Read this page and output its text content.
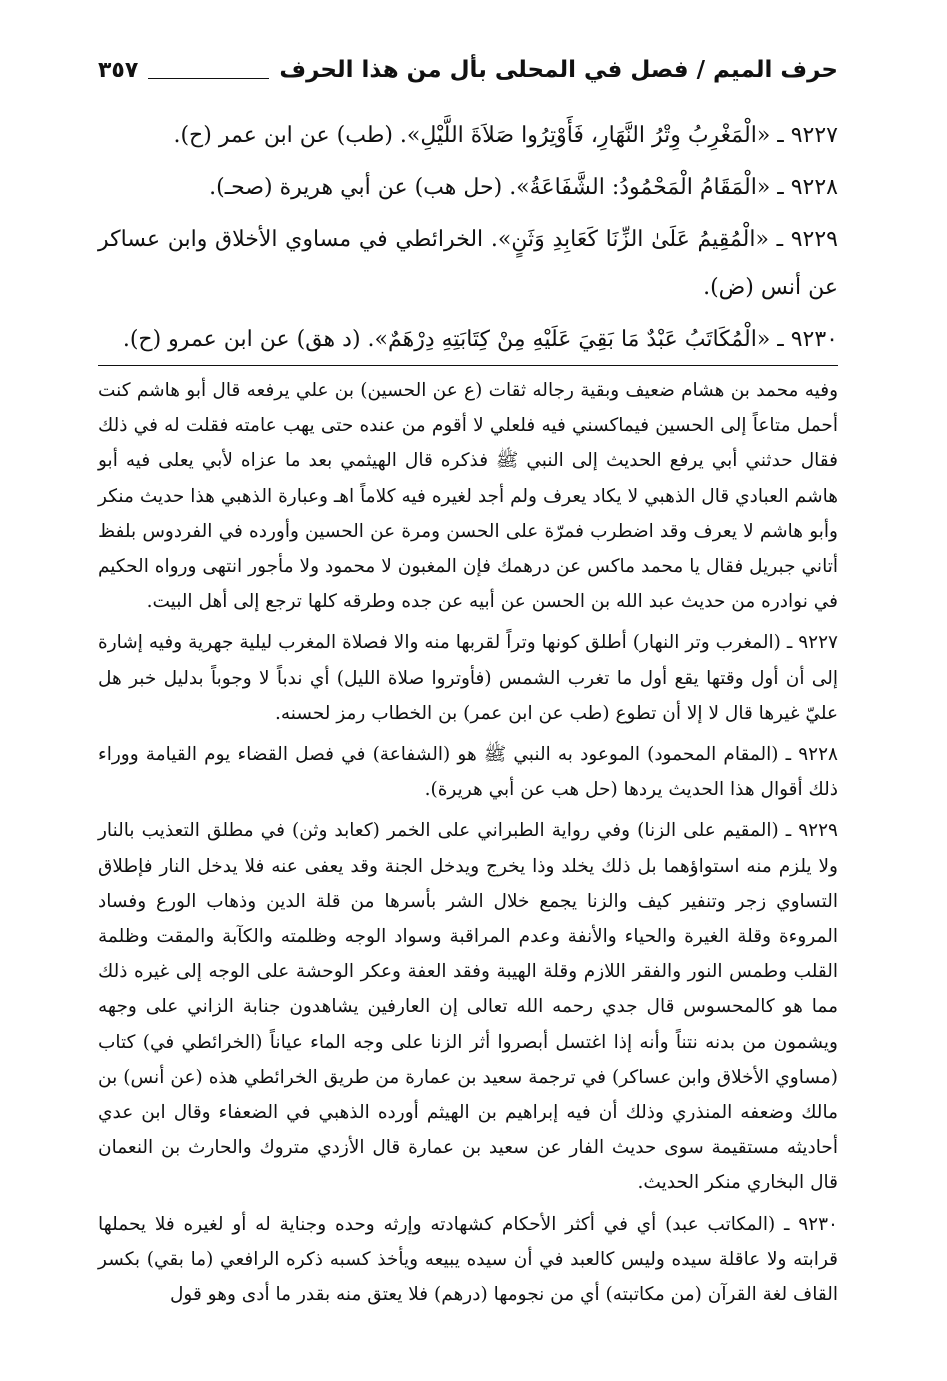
حرف الميم / فصل في المحلى بأل من هذا الحرف
٣٥٧

٩٢٢٧ ـ «الْمَغْرِبُ وِتْرُ النَّهَارِ، فَأَوْتِرُوا صَلاَةَ اللَّيْلِ». (طب) عن ابن عمر (ح).

٩٢٢٨ ـ «الْمَقَامُ الْمَحْمُودُ: الشَّفَاعَةُ». (حل هب) عن أبي هريرة (صحـ).

٩٢٢٩ ـ «الْمُقِيمُ عَلَىٰ الزِّنَا كَعَابِدِ وَثَنٍ». الخرائطي في مساوي الأخلاق وابن عساكر عن أنس (ض).

٩٢٣٠ ـ «الْمُكَاتَبُ عَبْدٌ مَا بَقِيَ عَلَيْهِ مِنْ كِتَابَتِهِ دِرْهَمٌ». (د هق) عن ابن عمرو (ح).

وفيه محمد بن هشام ضعيف وبقية رجاله ثقات (ع عن الحسين) بن علي يرفعه قال أبو هاشم كنت أحمل متاعاً إلى الحسين فيماكسني فيه فلعلي لا أقوم من عنده حتى يهب عامته فقلت له في ذلك فقال حدثني أبي يرفع الحديث إلى النبي ﷺ فذكره قال الهيثمي بعد ما عزاه لأبي يعلى فيه أبو هاشم العبادي قال الذهبي لا يكاد يعرف ولم أجد لغيره فيه كلاماً اهـ وعبارة الذهبي هذا حديث منكر وأبو هاشم لا يعرف وقد اضطرب فمرّة على الحسن ومرة عن الحسين وأورده في الفردوس بلفظ أتاني جبريل فقال يا محمد ماكس عن درهمك فإن المغبون لا محمود ولا مأجور انتهى ورواه الحكيم في نوادره من حديث عبد الله بن الحسن عن أبيه عن جده وطرقه كلها ترجع إلى أهل البيت.

٩٢٢٧ ـ (المغرب وتر النهار) أطلق كونها وتراً لقربها منه والا فصلاة المغرب ليلية جهرية وفيه إشارة إلى أن أول وقتها يقع أول ما تغرب الشمس (فأوتروا صلاة الليل) أي ندباً لا وجوباً بدليل خبر هل عليّ غيرها قال لا إلا أن تطوع (طب عن ابن عمر) بن الخطاب رمز لحسنه.

٩٢٢٨ ـ (المقام المحمود) الموعود به النبي ﷺ هو (الشفاعة) في فصل القضاء يوم القيامة ووراء ذلك أقوال هذا الحديث يردها (حل هب عن أبي هريرة).

٩٢٢٩ ـ (المقيم على الزنا) وفي رواية الطبراني على الخمر (كعابد وثن) في مطلق التعذيب بالنار ولا يلزم منه استواؤهما بل ذلك يخلد وذا يخرج ويدخل الجنة وقد يعفى عنه فلا يدخل النار فإطلاق التساوي زجر وتنفير كيف والزنا يجمع خلال الشر بأسرها من قلة الدين وذهاب الورع وفساد المروءة وقلة الغيرة والحياء والأنفة وعدم المراقبة وسواد الوجه وظلمته والكآبة والمقت وظلمة القلب وطمس النور والفقر اللازم وقلة الهيبة وفقد العفة وعكر الوحشة على الوجه إلى غيره ذلك مما هو كالمحسوس قال جدي رحمه الله تعالى إن العارفين يشاهدون جنابة الزاني على وجهه ويشمون من بدنه نتناً وأنه إذا اغتسل أبصروا أثر الزنا على وجه الماء عياناً (الخرائطي في) كتاب (مساوي الأخلاق وابن عساكر) في ترجمة سعيد بن عمارة من طريق الخرائطي هذه (عن أنس) بن مالك وضعفه المنذري وذلك أن فيه إبراهيم بن الهيثم أورده الذهبي في الضعفاء وقال ابن عدي أحاديثه مستقيمة سوى حديث الفار عن سعيد بن عمارة قال الأزدي متروك والحارث بن النعمان قال البخاري منكر الحديث.

٩٢٣٠ ـ (المكاتب عبد) أي في أكثر الأحكام كشهادته وإرثه وحده وجناية له أو لغيره فلا يحملها قرابته ولا عاقلة سيده وليس كالعبد في أن سيده يبيعه ويأخذ كسبه ذكره الرافعي (ما بقي) بكسر القاف لغة القرآن (من مكاتبته) أي من نجومها (درهم) فلا يعتق منه بقدر ما أدى وهو قول
